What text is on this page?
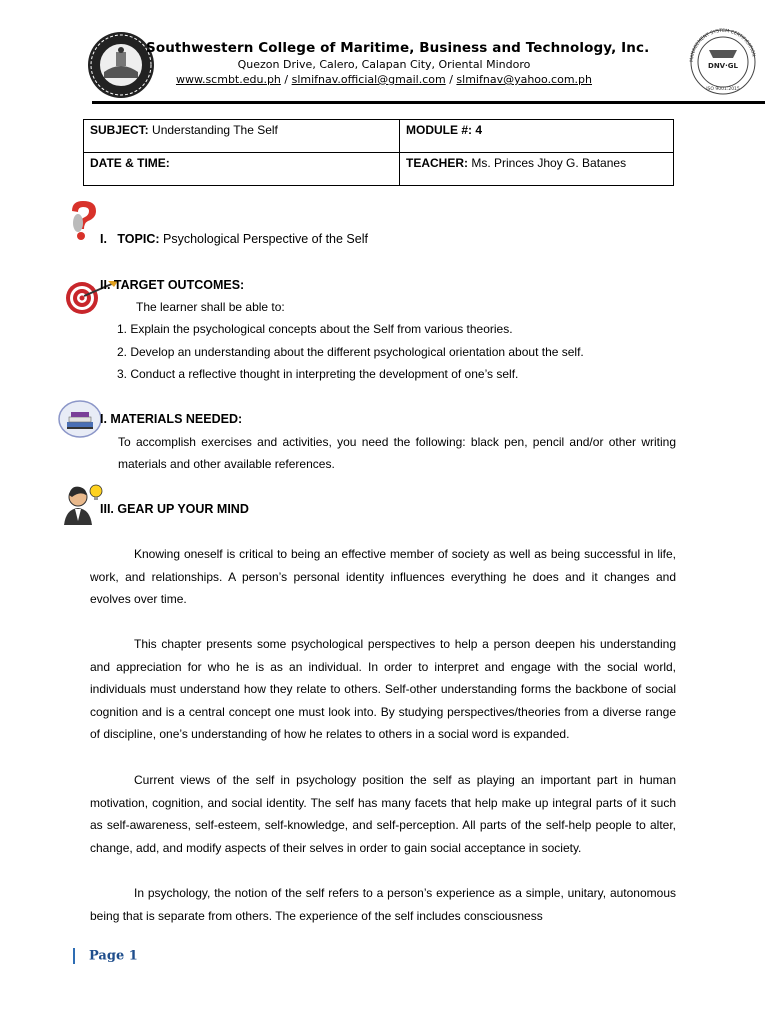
Southwestern College of Maritime, Business and Technology, Inc.
Quezon Drive, Calero, Calapan City, Oriental Mindoro
www.scmbt.edu.ph / slmifnav.official@gmail.com / slmifnav@yahoo.com.ph
MANAGEMENT SYSTEM CERTIFICATION
DNV·GL
ISO 9001:2015
SUBJECT: Understanding The Self	MODULE #: 4
DATE & TIME:	TEACHER: Ms. Princes Jhoy G. Batanes
I. TOPIC: Psychological Perspective of the Self
II. TARGET OUTCOMES:
The learner shall be able to:
1. Explain the psychological concepts about the Self from various theories.
2. Develop an understanding about the different psychological orientation about the self.
3. Conduct a reflective thought in interpreting the development of one’s self.
I. MATERIALS NEEDED:
To accomplish exercises and activities, you need the following: black pen, pencil and/or other writing
materials and other available references.
III. GEAR UP YOUR MIND
Knowing oneself is critical to being an effective member of society as well as being successful in life, work, and relationships. A person’s personal identity influences everything he does and it changes and evolves over time.
This chapter presents some psychological perspectives to help a person deepen his understanding and appreciation for who he is as an individual. In order to interpret and engage with the social world, individuals must understand how they relate to others. Self-other understanding forms the backbone of social cognition and is a central concept one must look into. By studying perspectives/theories from a diverse range of discipline, one’s understanding of how he relates to others in a social word is expanded.
Current views of the self in psychology position the self as playing an important part in human motivation, cognition, and social identity. The self has many facets that help make up integral parts of it such as self-awareness, self-esteem, self-knowledge, and self-perception. All parts of the self-help people to alter, change, add, and modify aspects of their selves in order to gain social acceptance in society.
In psychology, the notion of the self refers to a person’s experience as a simple, unitary, autonomous being that is separate from others. The experience of the self includes consciousness
Page 1
